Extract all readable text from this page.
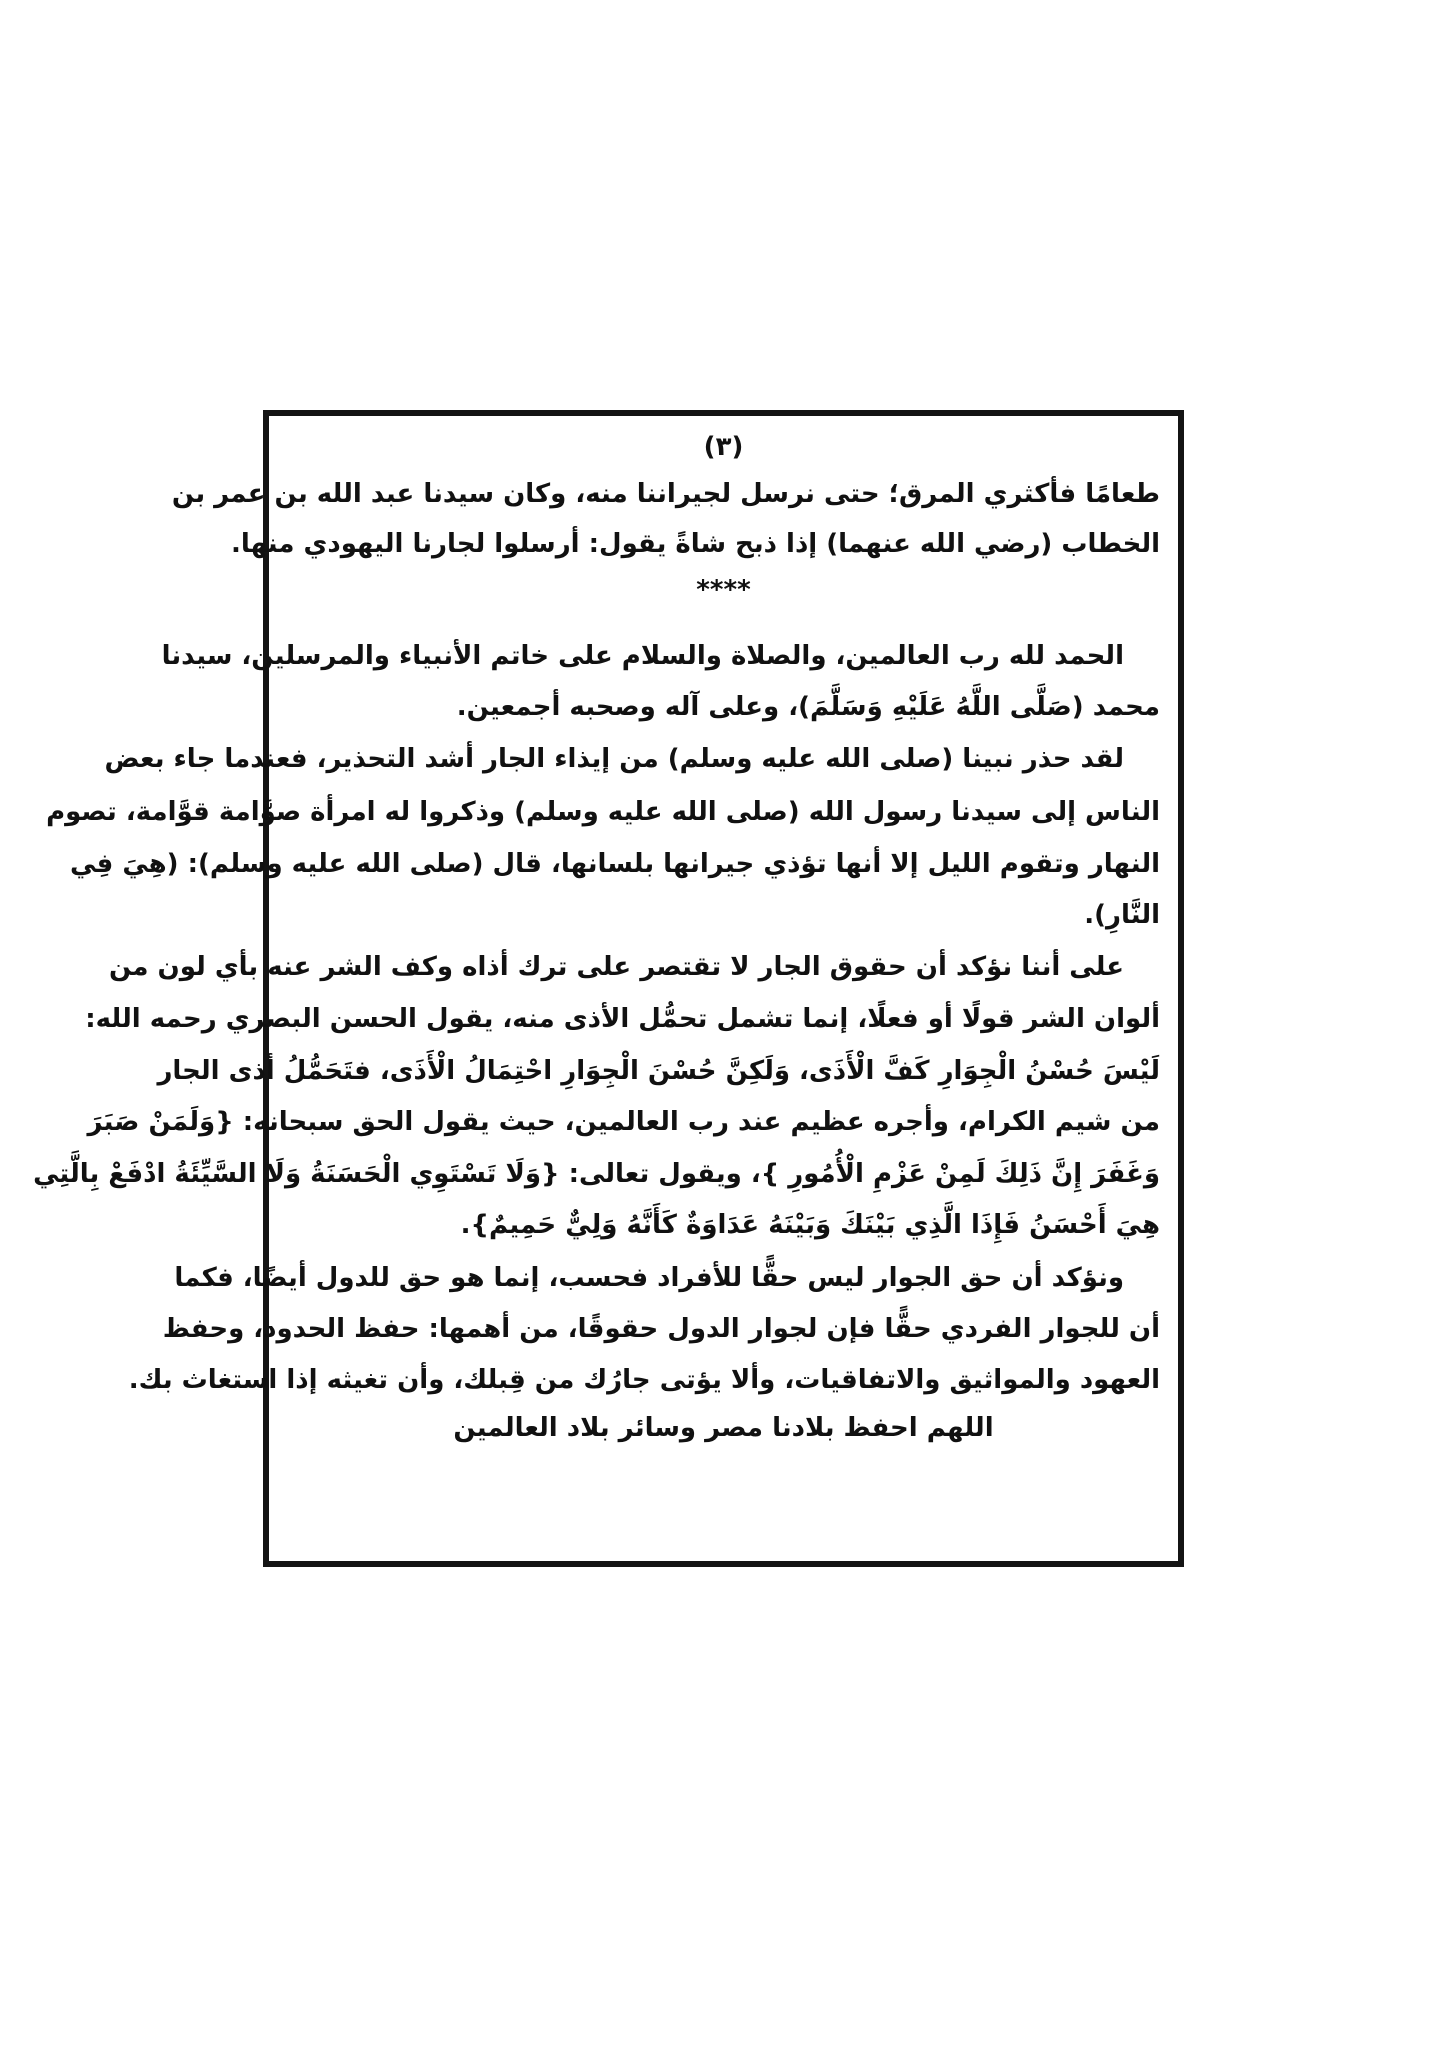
(٣)
طعامًا فأكثري المرق؛ حتى نرسل لجيراننا منه، وكان سيدنا عبد الله بن عمر بن
الخطاب (رضي الله عنهما) إذا ذبح شاةً يقول: أرسلوا لجارنا اليهودي منها.
****
الحمد لله رب العالمين، والصلاة والسلام على خاتم الأنبياء والمرسلين، سيدنا
محمد (صَلَّى اللَّهُ عَلَيْهِ وَسَلَّمَ)، وعلى آله وصحبه أجمعين.
لقد حذر نبينا (صلى الله عليه وسلم) من إيذاء الجار أشد التحذير، فعندما جاء بعض
الناس إلى سيدنا رسول الله (صلى الله عليه وسلم) وذكروا له امرأة صوَّامة قوَّامة، تصوم
النهار وتقوم الليل إلا أنها تؤذي جيرانها بلسانها، قال (صلى الله عليه وسلم): (هِيَ فِي
النَّارِ).
على أننا نؤكد أن حقوق الجار لا تقتصر على ترك أذاه وكف الشر عنه بأي لون من
ألوان الشر قولًا أو فعلًا، إنما تشمل تحمُّل الأذى منه، يقول الحسن البصري رحمه الله:
لَيْسَ حُسْنُ الْجِوَارِ كَفَّ الْأَذَى، وَلَكِنَّ حُسْنَ الْجِوَارِ احْتِمَالُ الْأَذَى، فتَحَمُّلُ أذى الجار
من شيم الكرام، وأجره عظيم عند رب العالمين، حيث يقول الحق سبحانه: {وَلَمَنْ صَبَرَ
وَغَفَرَ إِنَّ ذَلِكَ لَمِنْ عَزْمِ الْأُمُورِ }، ويقول تعالى: {وَلَا تَسْتَوِي الْحَسَنَةُ وَلَا السَّيِّئَةُ ادْفَعْ بِالَّتِي
هِيَ أَحْسَنُ فَإِذَا الَّذِي بَيْنَكَ وَبَيْنَهُ عَدَاوَةٌ كَأَنَّهُ وَلِيٌّ حَمِيمٌ}.
ونؤكد أن حق الجوار ليس حقًّا للأفراد فحسب، إنما هو حق للدول أيضًا، فكما
أن للجوار الفردي حقًّا فإن لجوار الدول حقوقًا، من أهمها: حفظ الحدود، وحفظ
العهود والمواثيق والاتفاقيات، وألا يؤتى جارُك من قِبلك، وأن تغيثه إذا استغاث بك.
اللهم احفظ بلادنا مصر وسائر بلاد العالمين
